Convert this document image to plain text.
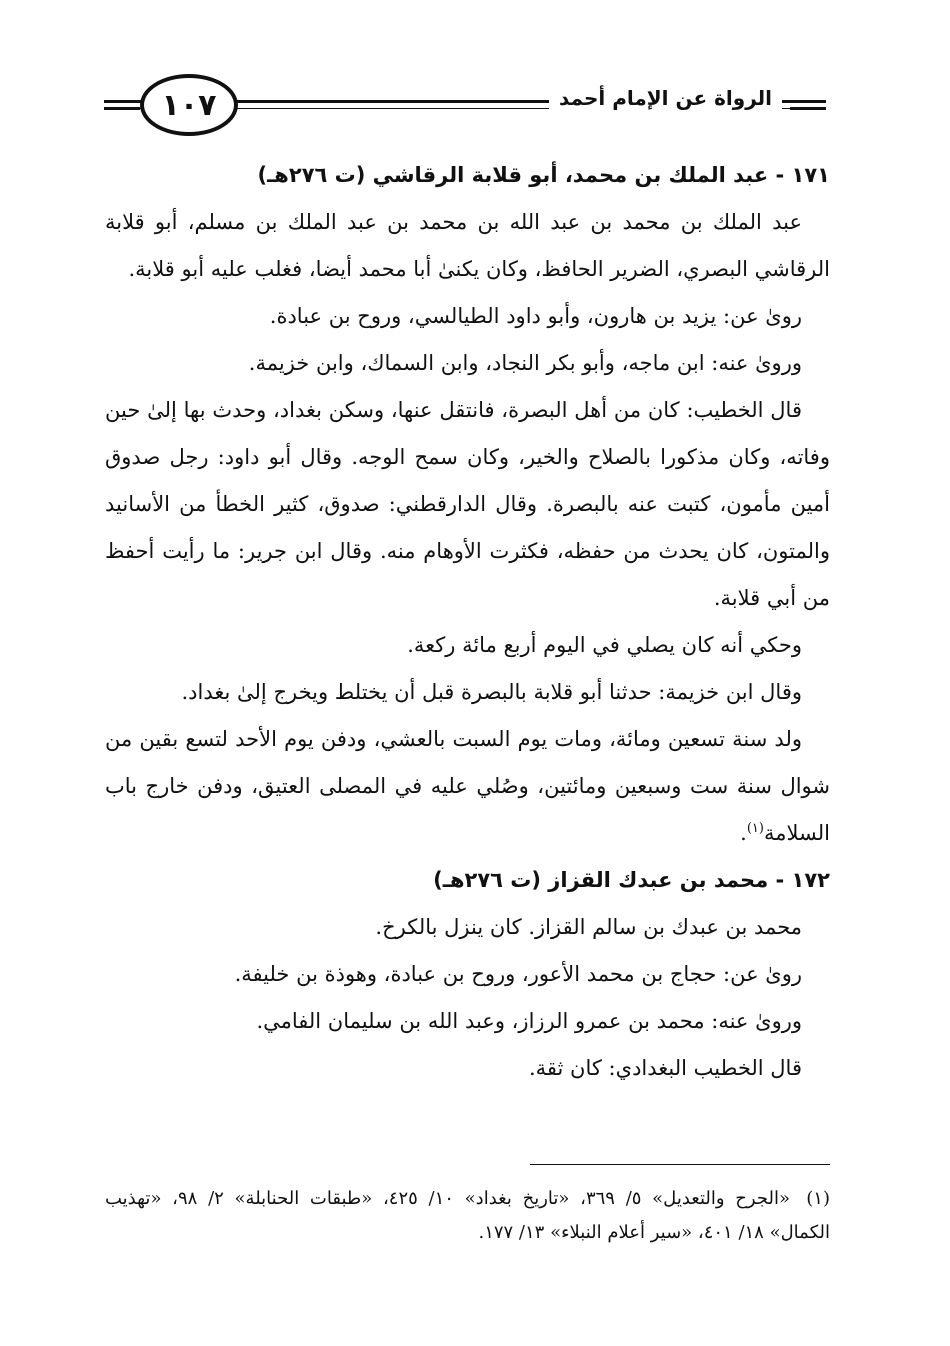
١٠٧	الرواة عن الإمام أحمد

١٧١ - عبد الملك بن محمد، أبو قلابة الرقاشي (ت ٢٧٦هـ)

عبد الملك بن محمد بن عبد الله بن محمد بن عبد الملك بن مسلم، أبو قلابة الرقاشي البصري، الضرير الحافظ، وكان يكنىٰ أبا محمد أيضا، فغلب عليه أبو قلابة.

روىٰ عن: يزيد بن هارون، وأبو داود الطيالسي، وروح بن عبادة.

وروىٰ عنه: ابن ماجه، وأبو بكر النجاد، وابن السماك، وابن خزيمة.

قال الخطيب: كان من أهل البصرة، فانتقل عنها، وسكن بغداد، وحدث بها إلىٰ حين وفاته، وكان مذكورا بالصلاح والخير، وكان سمح الوجه. وقال أبو داود: رجل صدوق أمين مأمون، كتبت عنه بالبصرة. وقال الدارقطني: صدوق، كثير الخطأ من الأسانيد والمتون، كان يحدث من حفظه، فكثرت الأوهام منه. وقال ابن جرير: ما رأيت أحفظ من أبي قلابة.

وحكي أنه كان يصلي في اليوم أربع مائة ركعة.

وقال ابن خزيمة: حدثنا أبو قلابة بالبصرة قبل أن يختلط ويخرج إلىٰ بغداد.

ولد سنة تسعين ومائة، ومات يوم السبت بالعشي، ودفن يوم الأحد لتسع بقين من شوال سنة ست وسبعين ومائتين، وصُلي عليه في المصلى العتيق، ودفن خارج باب السلامة$^{(١)}$.

١٧٢ - محمد بن عبدك القزاز (ت ٢٧٦هـ)

محمد بن عبدك بن سالم القزاز. كان ينزل بالكرخ.

روىٰ عن: حجاج بن محمد الأعور، وروح بن عبادة، وهوذة بن خليفة.

وروىٰ عنه: محمد بن عمرو الرزاز، وعبد الله بن سليمان الفامي.

قال الخطيب البغدادي: كان ثقة.

(١)«الجرح والتعديل» ٥/ ٣٦٩، «تاريخ بغداد» ١٠/ ٤٢٥، «طبقات الحنابلة» ٢/ ٩٨، «تهذيب الكمال» ١٨/ ٤٠١، «سير أعلام النبلاء» ١٣/ ١٧٧.
